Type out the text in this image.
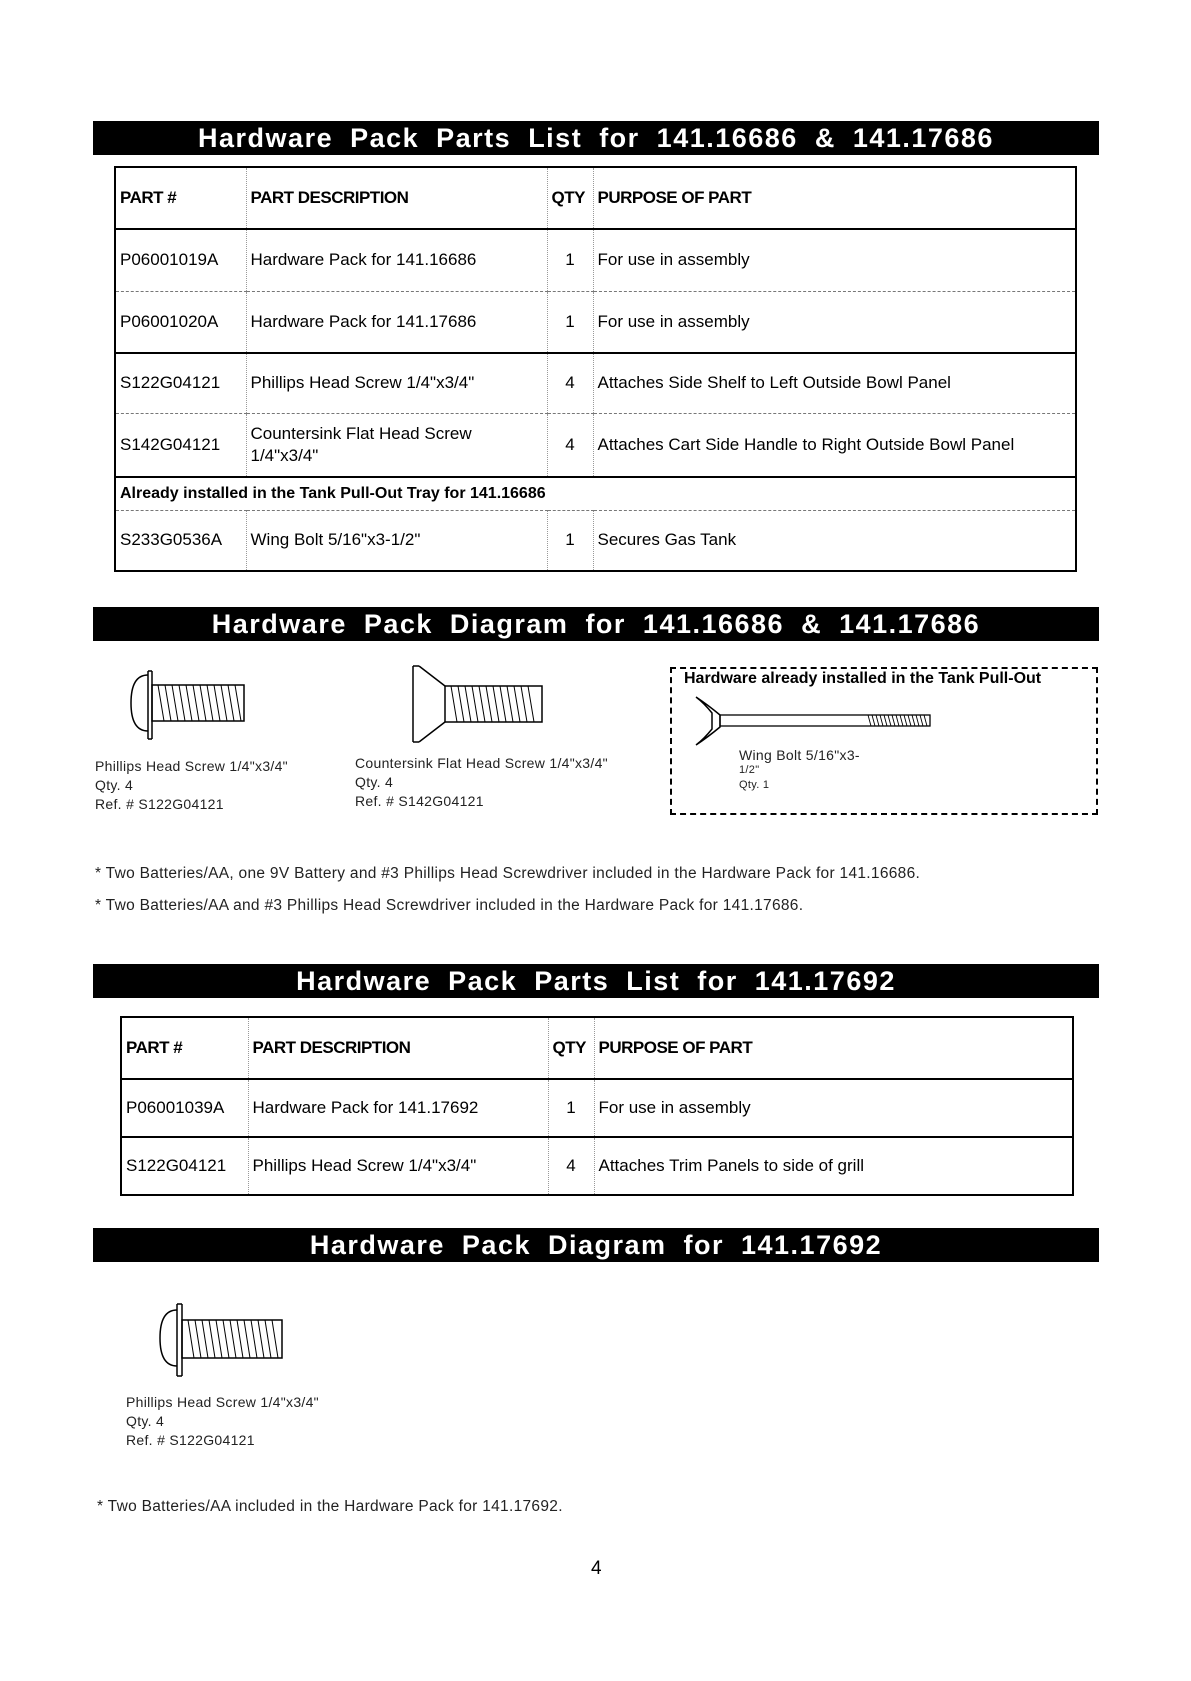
Hardware Pack Parts List for 141.16686 & 141.17686
PART #	PART DESCRIPTION	QTY	PURPOSE OF PART
P06001019A	Hardware Pack for 141.16686	1	For use in assembly
P06001020A	Hardware Pack for 141.17686	1	For use in assembly
S122G04121	Phillips Head Screw 1/4"x3/4"	4	Attaches Side Shelf to Left Outside Bowl Panel
S142G04121	Countersink Flat Head Screw 1/4"x3/4"	4	Attaches Cart Side Handle to Right Outside Bowl Panel
Already installed in the Tank Pull-Out Tray for 141.16686			
S233G0536A	Wing Bolt 5/16"x3-1/2"	1	Secures Gas Tank
Hardware Pack Diagram for 141.16686 & 141.17686
Phillips Head Screw 1/4"x3/4"
Qty. 4
Ref. # S122G04121
Countersink Flat Head Screw 1/4"x3/4"
Qty. 4
Ref. # S142G04121
Hardware already installed in the Tank Pull-Out
Wing Bolt 5/16"x3-
1/2"
Qty. 1
* Two Batteries/AA, one 9V Battery and #3 Phillips Head Screwdriver included in the Hardware Pack for 141.16686.
* Two Batteries/AA and #3 Phillips Head Screwdriver included in the Hardware Pack for 141.17686.
Hardware Pack Parts List for 141.17692
PART #	PART DESCRIPTION	QTY	PURPOSE OF PART
P06001039A	Hardware Pack for 141.17692	1	For use in assembly
S122G04121	Phillips Head Screw 1/4"x3/4"	4	Attaches Trim Panels to side of grill
Hardware Pack Diagram for 141.17692
Phillips Head Screw 1/4"x3/4"
Qty. 4
Ref. # S122G04121
* Two Batteries/AA included in the Hardware Pack for 141.17692.
4
